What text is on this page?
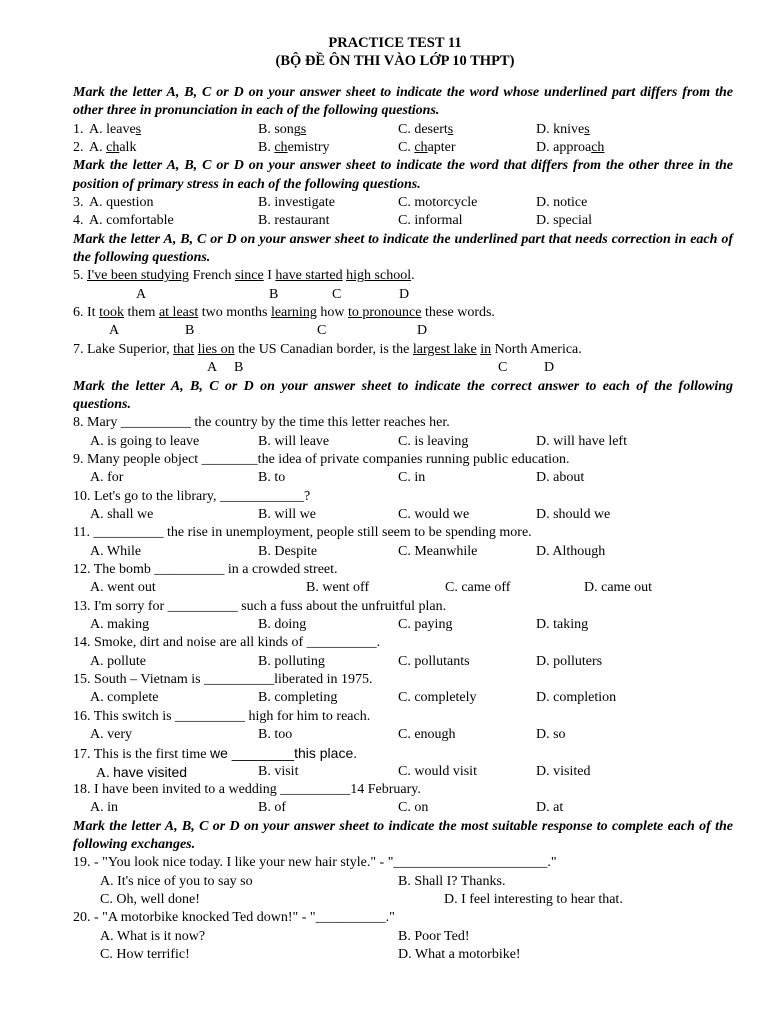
PRACTICE TEST 11
(BỘ ĐỀ ÔN THI VÀO LỚP 10 THPT)
Mark the letter A, B, C or D on your answer sheet to indicate the word whose underlined part differs from the other three in pronunciation in each of the following questions.
1. A. leaves	B. songs	C. deserts	D. knives
2. A. chalk	B. chemistry	C. chapter	D. approach
Mark the letter A, B, C or D on your answer sheet to indicate the word that differs from the other three in the position of primary stress in each of the following questions.
3. A. question	B. investigate	C. motorcycle	D. notice
4. A. comfortable	B. restaurant	C. informal	D. special
Mark the letter A, B, C or D on your answer sheet to indicate the underlined part that needs correction in each of the following questions.
5. I've been studying French since I have started high school.
A	B	C	D
6. It took them at least two months learning how to pronounce these words.
A	B	C	D
7. Lake Superior, that lies on the US Canadian border, is the largest lake in North America.
A B	C	D
Mark the letter A, B, C or D on your answer sheet to indicate the correct answer to each of the following questions.
8. Mary __________ the country by the time this letter reaches her.
A. is going to leave	B. will leave	C. is leaving	D. will have left
9. Many people object ________the idea of private companies running public education.
A. for	B. to	C. in	D. about
10. Let's go to the library, ____________?
A. shall we	B. will we	C. would we	D. should we
11. __________ the rise in unemployment, people still seem to be spending more.
A. While	B. Despite	C. Meanwhile	D. Although
12. The bomb __________ in a crowded street.
A. went out	B. went off	C. came off	D. came out
13. I'm sorry for __________ such a fuss about the unfruitful plan.
A. making	B. doing	C. paying	D. taking
14. Smoke, dirt and noise are all kinds of __________.
A. pollute	B. polluting	C. pollutants	D. polluters
15. South – Vietnam is __________liberated in 1975.
A. complete	B. completing	C. completely	D. completion
16. This switch is __________ high for him to reach.
A. very	B. too	C. enough	D. so
17. This is the first time we ________this place.
A. have visited	B. visit	C. would visit	D. visited
18. I have been invited to a wedding __________14 February.
A. in	B. of	C. on	D. at
Mark the letter A, B, C or D on your answer sheet to indicate the most suitable response to complete each of the following exchanges.
19. - "You look nice today. I like your new hair style." - "______________________."
A. It's nice of you to say so	B. Shall I? Thanks.
C. Oh, well done!	D. I feel interesting to hear that.
20. - "A motorbike knocked Ted down!" - "__________."
A. What is it now?	B. Poor Ted!
C. How terrific!	D. What a motorbike!
